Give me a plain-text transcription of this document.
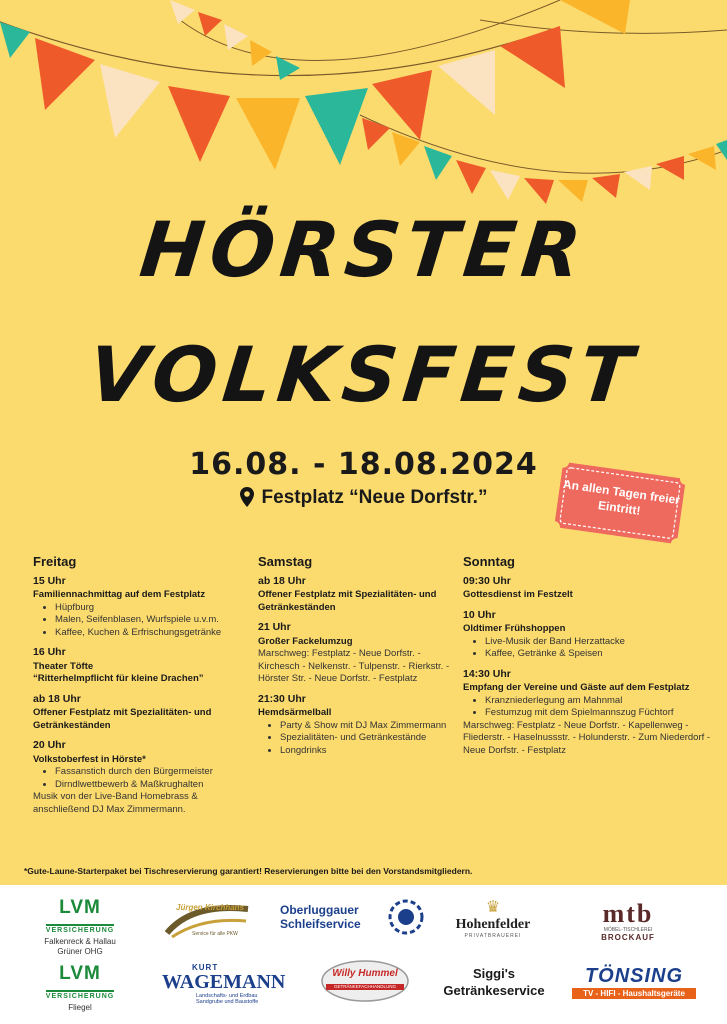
HÖRSTER
VOLKSFEST
16.08. - 18.08.2024
Festplatz “Neue Dorfstr.”	An allen Tagen freier Eintritt!
Freitag
15 Uhr
Familiennachmittag auf dem Festplatz
• Hüpfburg
• Malen, Seifenblasen, Wurfspiele u.v.m.
• Kaffee, Kuchen & Erfrischungsgetränke
16 Uhr
Theater Töfte
“Ritterhelmpflicht für kleine Drachen”
ab 18 Uhr
Offener Festplatz mit Spezialitäten- und Getränkeständen
20 Uhr
Volkstoberfest in Hörste*
• Fassanstich durch den Bürgermeister
• Dirndlwettbewerb & Maßkrughalten
Musik von der Live-Band Homebrass & anschließend DJ Max Zimmermann.
Samstag
ab 18 Uhr
Offener Festplatz mit Spezialitäten- und Getränkeständen
21 Uhr
Großer Fackelumzug
Marschweg: Festplatz - Neue Dorfstr. - Kirchesch - Nelkenstr. - Tulpenstr. - Rierkstr. - Hörster Str. - Neue Dorfstr. - Festplatz
21:30 Uhr
Hemdsärmelball
• Party & Show mit DJ Max Zimmermann
• Spezialitäten- und Getränkestände
• Longdrinks
Sonntag
09:30 Uhr
Gottesdienst im Festzelt
10 Uhr
Oldtimer Frühshoppen
• Live-Musik der Band Herzattacke
• Kaffee, Getränke & Speisen
14:30 Uhr
Empfang der Vereine und Gäste auf dem Festplatz
• Kranzniederlegung am Mahnmal
• Festumzug mit dem Spielmannszug Füchtorf
Marschweg: Festplatz - Neue Dorfstr. - Kapellenweg - Fliederstr. - Haselnussstr. - Holunderstr. - Zum Niederdorf - Neue Dorfstr. - Festplatz
*Gute-Laune-Starterpaket bei Tischreservierung garantiert! Reservierungen bitte bei den Vorstandsmitgliedern.
LVM
VERSICHERUNG
Falkenreck & Hallau
Grüner OHG
Jürgen Kirchhans
Service für alle PKW
Oberluggauer
Schleifservice
♛
Hohenfelder
PRIVATBRAUEREI
mtb
MÖBEL-TISCHLEREI
BROCKAUF
LVM
VERSICHERUNG
Fliegel
KURT
WAGEMANN
Landschafts- und Erdbau
Sandgrube und Baustoffe
Willy Hummel
GETRÄNKEFACHHANDLUNG
Siggi's
Getränkeservice
TÖNSING
TV - HIFI - Haushaltsgeräte
